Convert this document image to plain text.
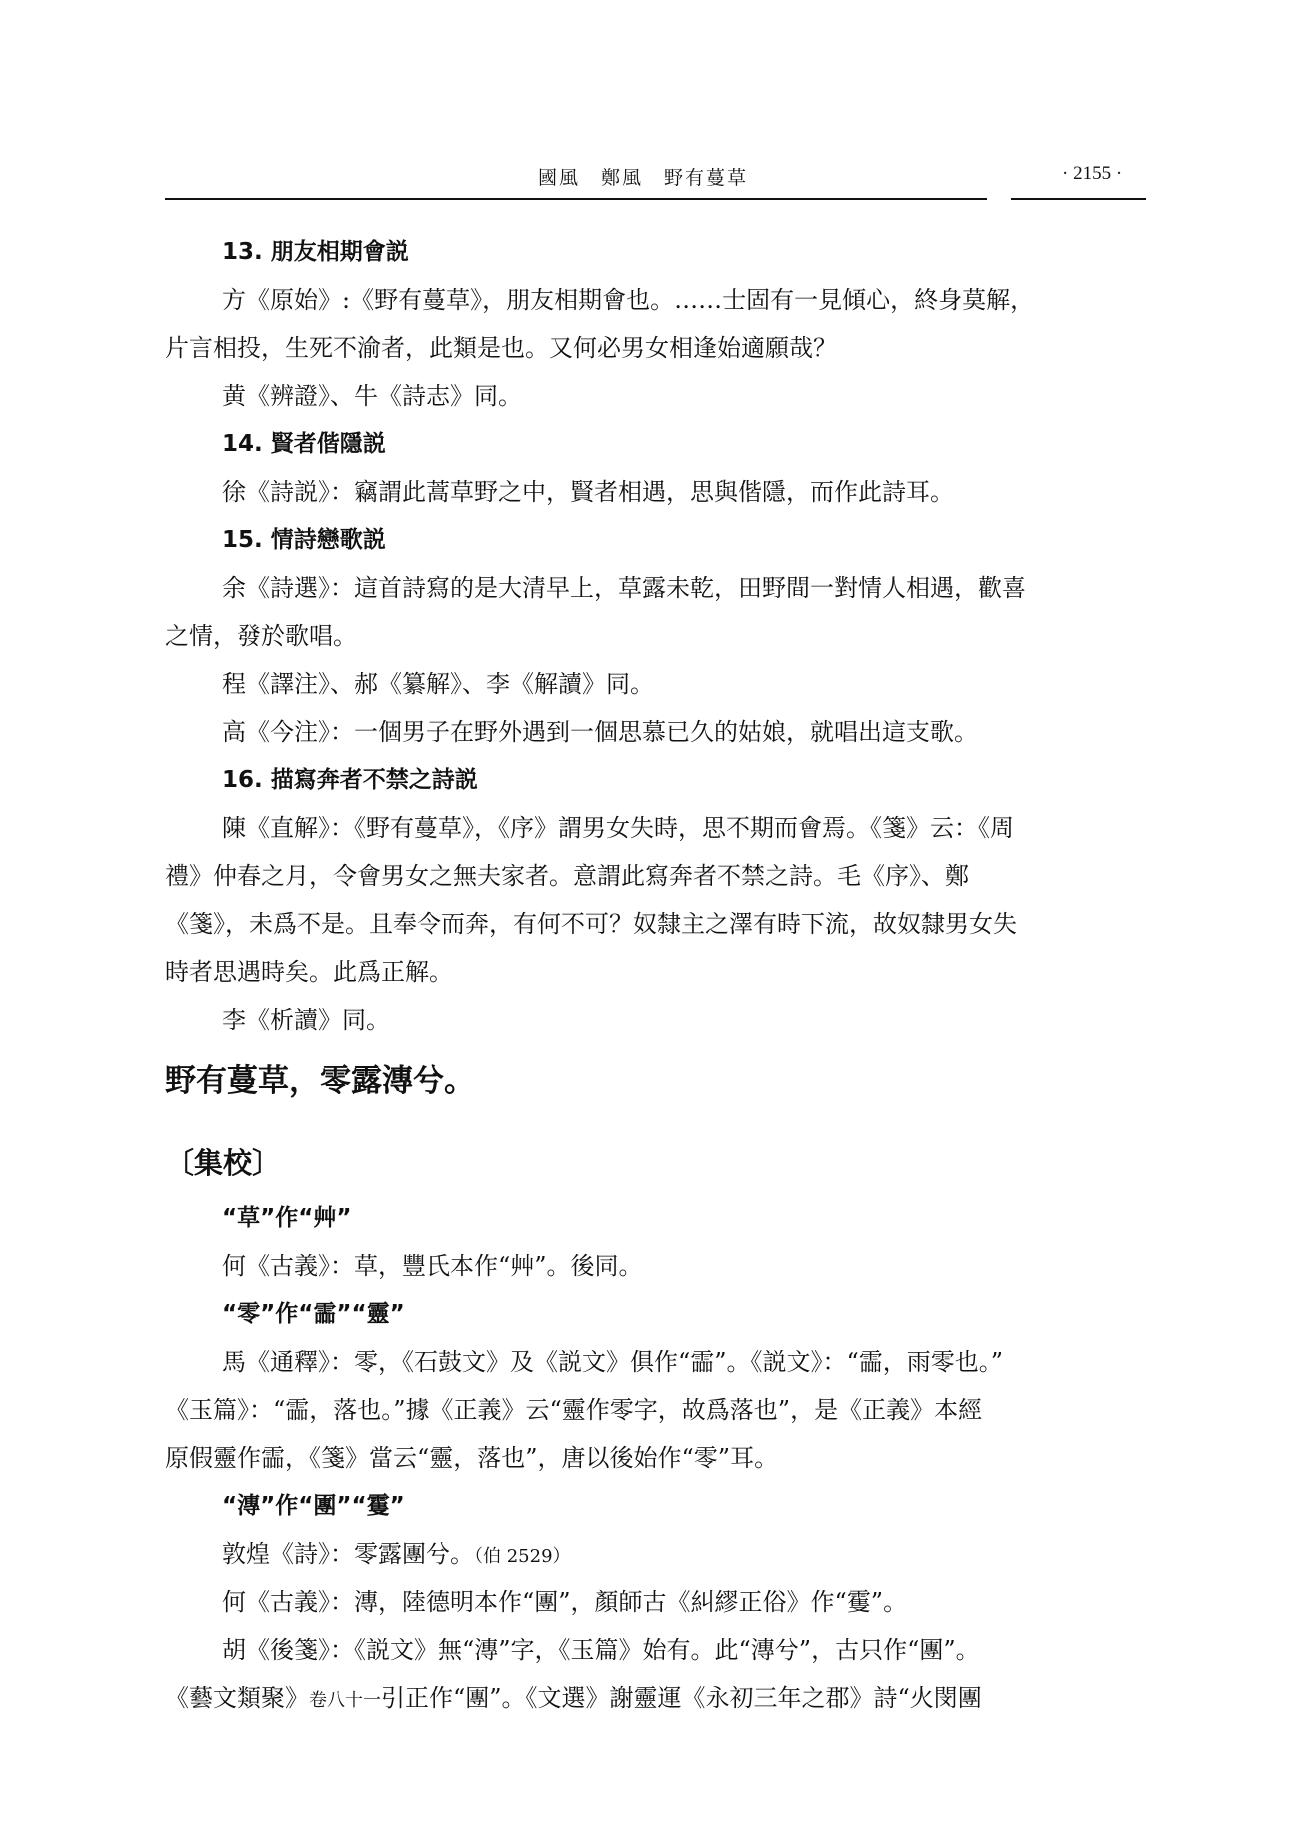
國風　鄭風　野有蔓草	· 2155 ·
13. 朋友相期會説
方《原始》:《野有蔓草》，朋友相期會也。……士固有一見傾心，終身莫解，
片言相投，生死不渝者，此類是也。又何必男女相逢始適願哉？
黄《辨證》、牛《詩志》同。
14. 賢者偕隱説
徐《詩説》：竊謂此蒿草野之中，賢者相遇，思與偕隱，而作此詩耳。
15. 情詩戀歌説
余《詩選》：這首詩寫的是大清早上，草露未乾，田野間一對情人相遇，歡喜
之情，發於歌唱。
程《譯注》、郝《纂解》、李《解讀》同。
高《今注》：一個男子在野外遇到一個思慕已久的姑娘，就唱出這支歌。
16. 描寫奔者不禁之詩説
陳《直解》：《野有蔓草》，《序》謂男女失時，思不期而會焉。《箋》云：《周
禮》仲春之月，令會男女之無夫家者。意謂此寫奔者不禁之詩。毛《序》、鄭
《箋》，未爲不是。且奉令而奔，有何不可？奴隸主之澤有時下流，故奴隸男女失
時者思遇時矣。此爲正解。
李《析讀》同。
野有蔓草，零露漙兮。
〔集校〕
“草”作“艸”
何《古義》：草，豐氏本作“艸”。後同。
“零”作“霝”“靈”
馬《通釋》：零，《石鼓文》及《説文》俱作“霝”。《説文》：“霝，雨零也。”
《玉篇》：“霝，落也。”據《正義》云“靈作零字，故爲落也”，是《正義》本經
原假靈作霝，《箋》當云“靈，落也”，唐以後始作“零”耳。
“漙”作“團”“䨥”
敦煌《詩》：零露團兮。（伯 2529）
何《古義》：漙，陸德明本作“團”，顏師古《糾繆正俗》作“䨥”。
胡《後箋》：《説文》無“漙”字，《玉篇》始有。此“漙兮”，古只作“團”。
《藝文類聚》卷八十一引正作“團”。《文選》謝靈運《永初三年之郡》詩“火閔團
